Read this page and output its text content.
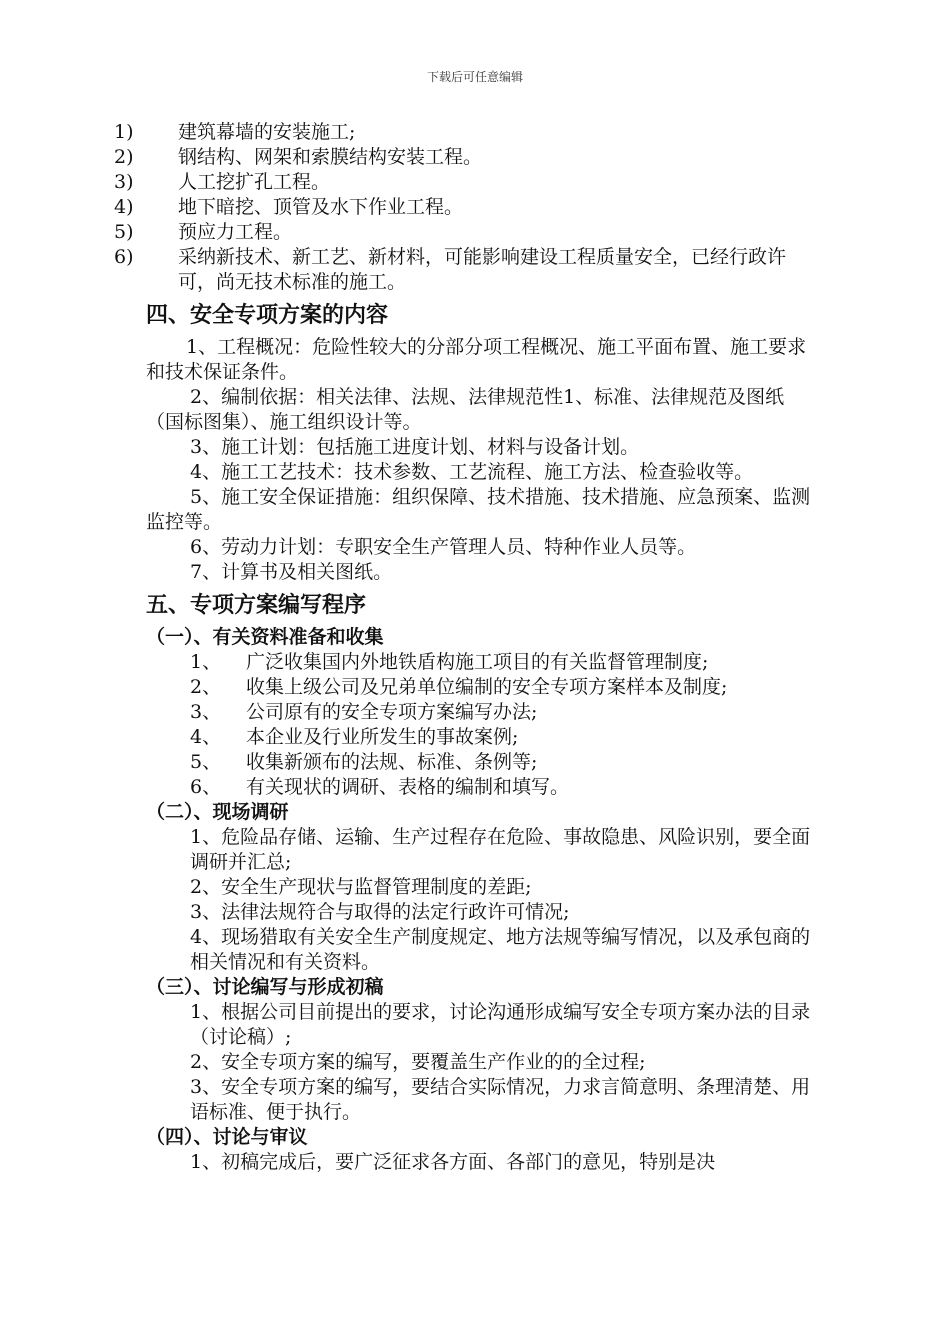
下载后可任意编辑
1) 建筑幕墙的安装施工;
2) 钢结构、网架和索膜结构安装工程。
3) 人工挖扩孔工程。
4) 地下暗挖、顶管及水下作业工程。
5) 预应力工程。
6) 采纳新技术、新工艺、新材料，可能影响建设工程质量安全，已经行政许可，尚无技术标准的施工。
四、安全专项方案的内容
1、工程概况：危险性较大的分部分项工程概况、施工平面布置、施工要求和技术保证条件。
2、编制依据：相关法律、法规、法律规范性1、标准、法律规范及图纸（国标图集）、施工组织设计等。
3、施工计划：包括施工进度计划、材料与设备计划。
4、施工工艺技术：技术参数、工艺流程、施工方法、检查验收等。
5、施工安全保证措施：组织保障、技术措施、技术措施、应急预案、监测监控等。
6、劳动力计划：专职安全生产管理人员、特种作业人员等。
7、计算书及相关图纸。
五、专项方案编写程序
（一）、有关资料准备和收集
1、 广泛收集国内外地铁盾构施工项目的有关监督管理制度;
2、 收集上级公司及兄弟单位编制的安全专项方案样本及制度;
3、 公司原有的安全专项方案编写办法;
4、 本企业及行业所发生的事故案例;
5、 收集新颁布的法规、标准、条例等;
6、 有关现状的调研、表格的编制和填写。
（二）、现场调研
1、危险品存储、运输、生产过程存在危险、事故隐患、风险识别，要全面调研并汇总;
2、安全生产现状与监督管理制度的差距;
3、法律法规符合与取得的法定行政许可情况;
4、现场猎取有关安全生产制度规定、地方法规等编写情况，以及承包商的相关情况和有关资料。
（三）、讨论编写与形成初稿
1、根据公司目前提出的要求，讨论沟通形成编写安全专项方案办法的目录（讨论稿）;
2、安全专项方案的编写，要覆盖生产作业的的全过程;
3、安全专项方案的编写，要结合实际情况，力求言简意明、条理清楚、用语标准、便于执行。
（四）、讨论与审议
1、初稿完成后，要广泛征求各方面、各部门的意见，特别是决
